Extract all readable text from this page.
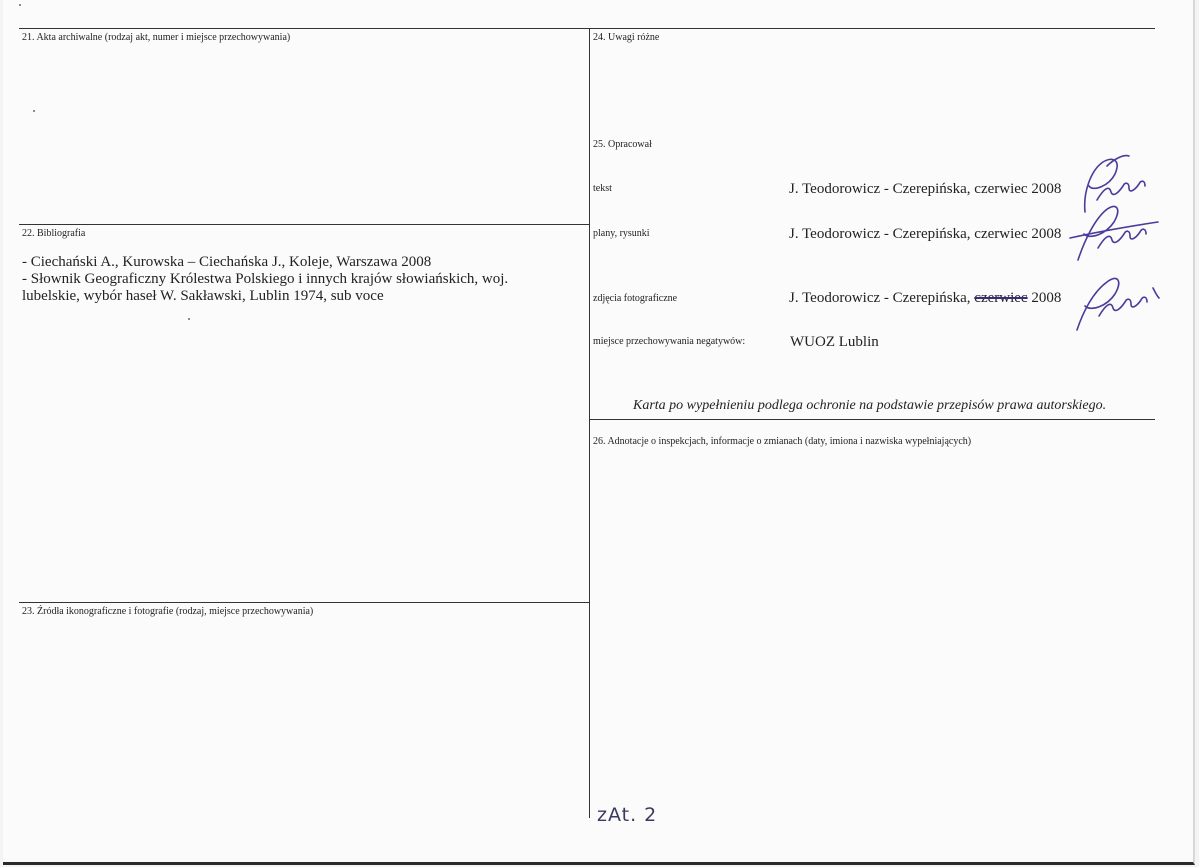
21. Akta archiwalne (rodzaj akt, numer i miejsce przechowywania)
22. Bibliografia
- Ciechański A., Kurowska – Ciechańska J., Koleje, Warszawa 2008
- Słownik Geograficzny Królestwa Polskiego i innych krajów słowiańskich, woj.
lubelskie, wybór haseł W. Sakławski, Lublin 1974, sub voce
23. Źródła ikonograficzne i fotografie (rodzaj, miejsce przechowywania)
24. Uwagi różne
25. Opracował
tekst	J. Teodorowicz - Czerepińska, czerwiec 2008
plany, rysunki	J. Teodorowicz - Czerepińska, czerwiec 2008
zdjęcia fotograficzne	J. Teodorowicz - Czerepińska, czerwiec 2008
miejsce przechowywania negatywów:	WUOZ Lublin
Karta po wypełnieniu podlega ochronie na podstawie przepisów prawa autorskiego.
26. Adnotacje o inspekcjach, informacje o zmianach (daty, imiona i nazwiska wypełniających)
zAt. 2
